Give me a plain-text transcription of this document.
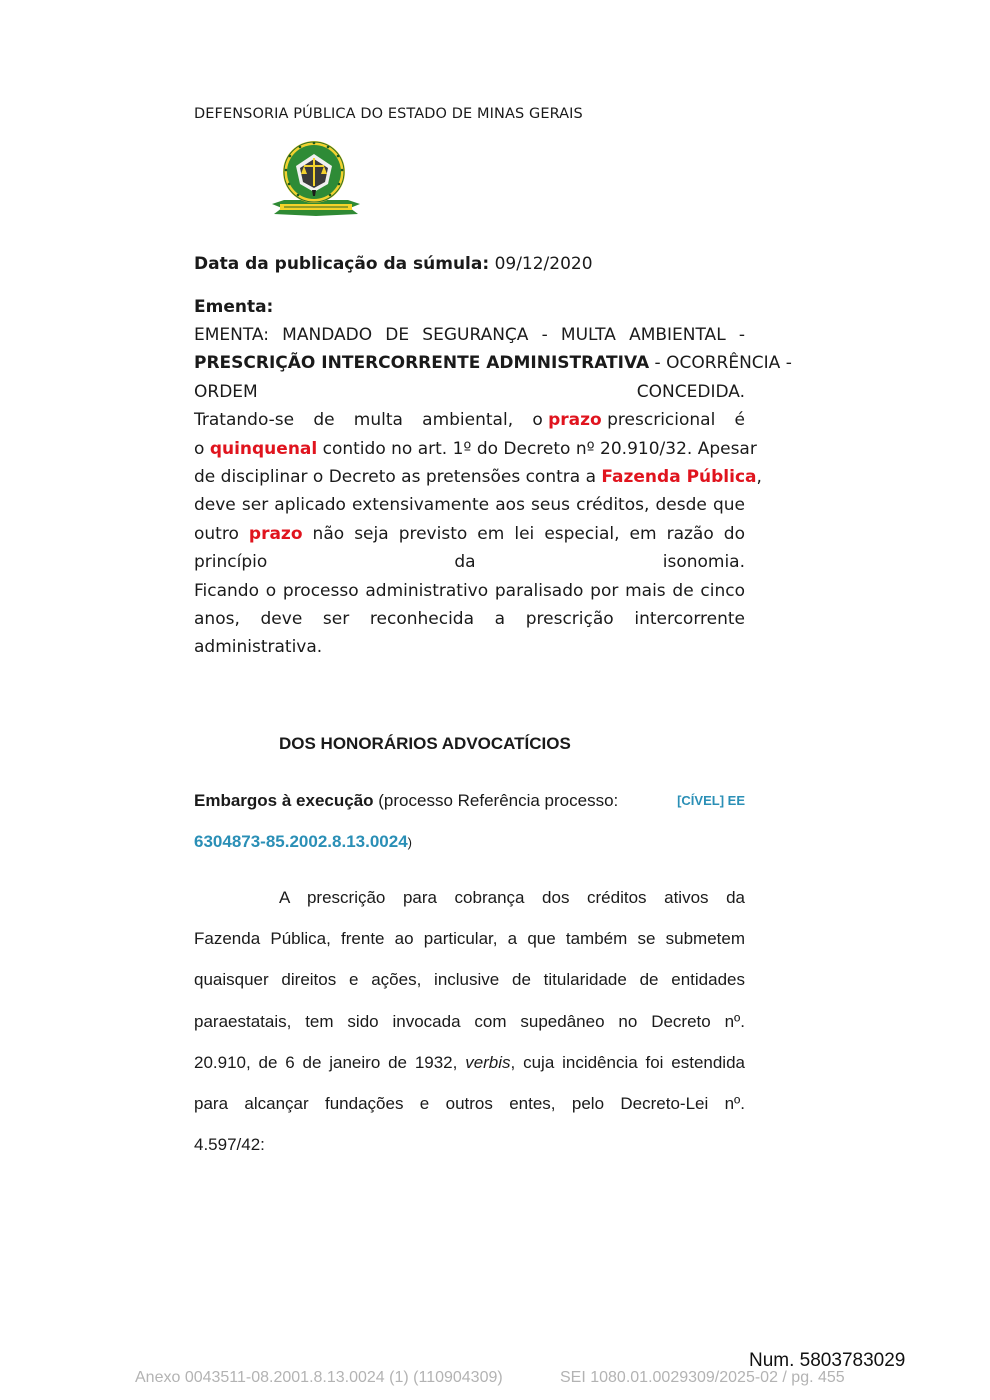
DEFENSORIA PÚBLICA DO ESTADO DE MINAS GERAIS
Data da publicação da súmula: 09/12/2020
Ementa:
EMENTA: MANDADO DE SEGURANÇA - MULTA AMBIENTAL -
PRESCRIÇÃO INTERCORRENTE ADMINISTRATIVA - OCORRÊNCIA -
ORDEM	CONCEDIDA.
Tratando-se de multa ambiental, o prazo prescricional é
o quinquenal contido no art. 1º do Decreto nº 20.910/32. Apesar
de disciplinar o Decreto as pretensões contra a Fazenda Pública,
deve ser aplicado extensivamente aos seus créditos, desde que
outro prazo não seja previsto em lei especial, em razão do
princípio	da	isonomia.
Ficando o processo administrativo paralisado por mais de cinco
anos, deve ser reconhecida a prescrição intercorrente
administrativa.
DOS HONORÁRIOS ADVOCATÍCIOS
Embargos à execução (processo Referência processo:	[CÍVEL] EE
6304873-85.2002.8.13.0024)
A prescrição para cobrança dos créditos ativos da
Fazenda Pública, frente ao particular, a que também se submetem
quaisquer direitos e ações, inclusive de titularidade de entidades
paraestatais, tem sido invocada com supedâneo no Decreto nº.
20.910, de 6 de janeiro de 1932, verbis, cuja incidência foi estendida
para alcançar fundações e outros entes, pelo Decreto-Lei nº.
4.597/42:
Num. 5803783029
Anexo 0043511-08.2001.8.13.0024 (1) (110904309)	SEI 1080.01.0029309/2025-02 / pg. 455
